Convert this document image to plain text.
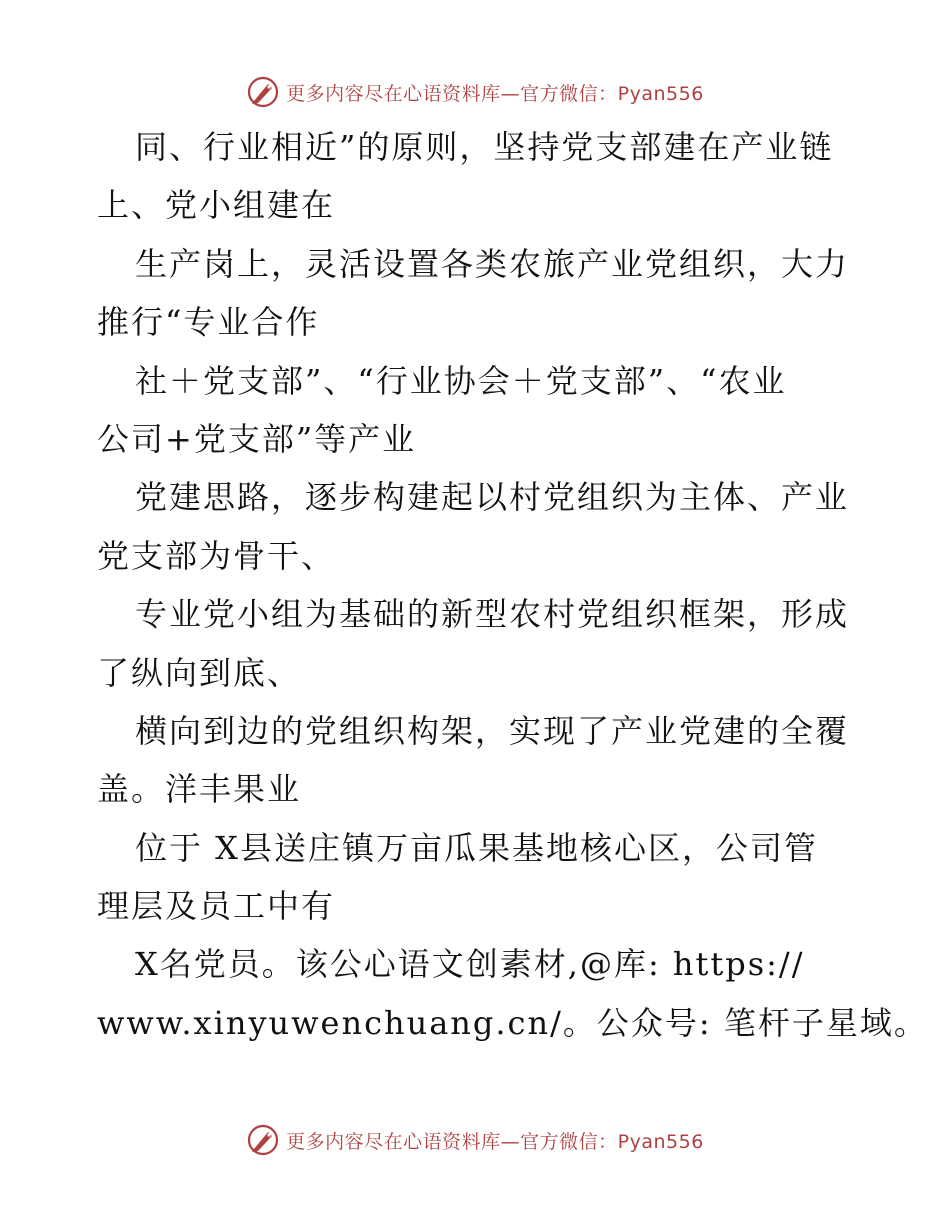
更多内容尽在心语资料库—官方微信：Pyan556
同、行业相近”的原则，坚持党支部建在产业链
上、党小组建在
生产岗上，灵活设置各类农旅产业党组织，大力
推行“专业合作
社＋党支部”、“行业协会＋党支部”、“农业
公司+党支部”等产业
党建思路，逐步构建起以村党组织为主体、产业
党支部为骨干、
专业党小组为基础的新型农村党组织框架，形成
了纵向到底、
横向到边的党组织构架，实现了产业党建的全覆
盖。洋丰果业
位于 X县送庄镇万亩瓜果基地核心区，公司管
理层及员工中有
X名党员。该公心语文创素材,@库: https://
www.xinyuwenchuang.cn/。公众号: 笔杆子星域。
更多内容尽在心语资料库—官方微信：Pyan556
